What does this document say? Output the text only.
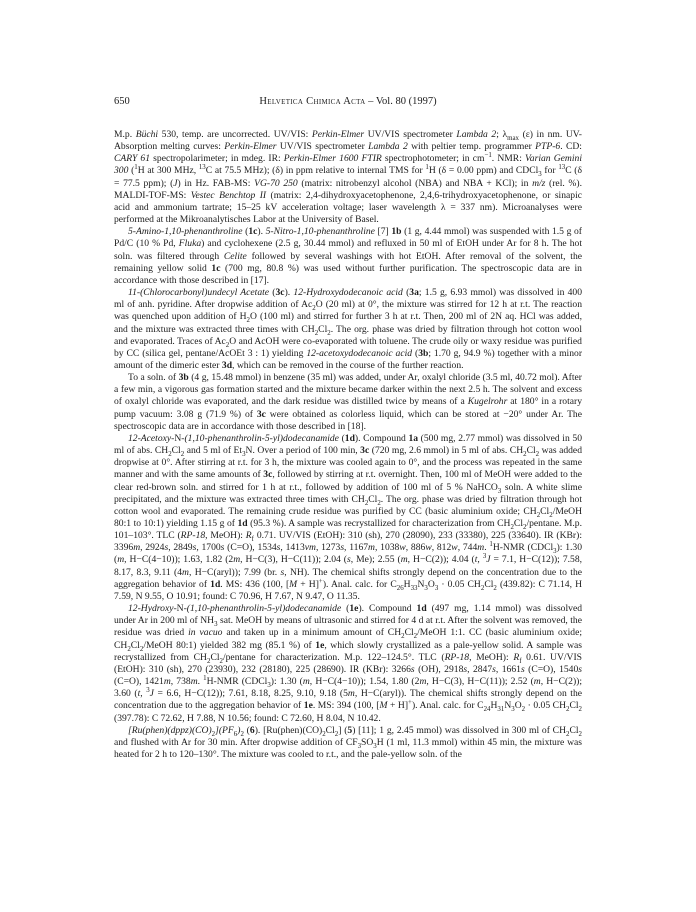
650	Helvetica Chimica Acta – Vol. 80 (1997)

M.p. Büchi 530, temp. are uncorrected. UV/VIS: Perkin-Elmer UV/VIS spectrometer Lambda 2; $\lambda_{max}$ (ε) in nm. UV-Absorption melting curves: Perkin-Elmer UV/VIS spectrometer Lambda 2 with peltier temp. programmer PTP-6. CD: CARY 61 spectropolarimeter; in mdeg. IR: Perkin-Elmer 1600 FTIR spectrophotometer; in $cm^{-1}$. NMR: Varian Gemini 300 ($^1$H at 300 MHz, $^{13}$C at 75.5 MHz); (δ) in ppm relative to internal TMS for $^1$H (δ = 0.00 ppm) and CDCl$_3$ for $^{13}$C (δ = 77.5 ppm); (J) in Hz. FAB-MS: VG-70 250 (matrix: nitrobenzyl alcohol (NBA) and NBA + KCl); in m/z (rel. %). MALDI-TOF-MS: Vestec Benchtop II (matrix: 2,4-dihydroxyacetophenone, 2,4,6-trihydroxyacetophenone, or sinapic acid and ammonium tartrate; 15–25 kV acceleration voltage; laser wavelength λ = 337 nm). Microanalyses were performed at the Mikroanalytisches Labor at the University of Basel.

5-Amino-1,10-phenanthroline (1c). 5-Nitro-1,10-phenanthroline [7] 1b (1 g, 4.44 mmol) was suspended with 1.5 g of Pd/C (10 % Pd, Fluka) and cyclohexene (2.5 g, 30.44 mmol) and refluxed in 50 ml of EtOH under Ar for 8 h. The hot soln. was filtered through Celite followed by several washings with hot EtOH. After removal of the solvent, the remaining yellow solid 1c (700 mg, 80.8 %) was used without further purification. The spectroscopic data are in accordance with those described in [17].

11-(Chlorocarbonyl)undecyl Acetate (3c). 12-Hydroxydodecanoic acid (3a; 1.5 g, 6.93 mmol) was dissolved in 400 ml of anh. pyridine. After dropwise addition of $Ac_2O$ (20 ml) at 0°, the mixture was stirred for 12 h at r.t. The reaction was quenched upon addition of $H_2O$ (100 ml) and stirred for further 3 h at r.t. Then, 200 ml of 2N aq. HCl was added, and the mixture was extracted three times with $CH_2Cl_2$. The org. phase was dried by filtration through hot cotton wool and evaporated. Traces of $Ac_2O$ and AcOH were co-evaporated with toluene. The crude oily or waxy residue was purified by CC (silica gel, pentane/AcOEt 3 : 1) yielding 12-acetoxydodecanoic acid (3b; 1.70 g, 94.9 %) together with a minor amount of the dimeric ester 3d, which can be removed in the course of the further reaction.

To a soln. of 3b (4 g, 15.48 mmol) in benzene (35 ml) was added, under Ar, oxalyl chloride (3.5 ml, 40.72 mol). After a few min, a vigorous gas formation started and the mixture became darker within the next 2.5 h. The solvent and excess of oxalyl chloride was evaporated, and the dark residue was distilled twice by means of a Kugelrohr at 180° in a rotary pump vacuum: 3.08 g (71.9 %) of 3c were obtained as colorless liquid, which can be stored at −20° under Ar. The spectroscopic data are in accordance with those described in [18].

12-Acetoxy-N-(1,10-phenanthrolin-5-yl)dodecanamide (1d). Compound 1a (500 mg, 2.77 mmol) was dissolved in 50 ml of abs. $CH_2Cl_2$ and 5 ml of $Et_3N$. Over a period of 100 min, 3c (720 mg, 2.6 mmol) in 5 ml of abs. $CH_2Cl_2$ was added dropwise at 0°. After stirring at r.t. for 3 h, the mixture was cooled again to 0°, and the process was repeated in the same manner and with the same amounts of 3c, followed by stirring at r.t. overnight. Then, 100 ml of MeOH were added to the clear red-brown soln. and stirred for 1 h at r.t., followed by addition of 100 ml of 5 % NaHCO$_3$ soln. A white slime precipitated, and the mixture was extracted three times with $CH_2Cl_2$. The org. phase was dried by filtration through hot cotton wool and evaporated. The remaining crude residue was purified by CC (basic aluminium oxide; $CH_2Cl_2$/MeOH 80:1 to 10:1) yielding 1.15 g of 1d (95.3 %). A sample was recrystallized for characterization from $CH_2Cl_2$/pentane. M.p. 101–103°. TLC (RP-18, MeOH): $R_f$ 0.71. UV/VIS (EtOH): 310 (sh), 270 (28090), 233 (33380), 225 (33640). IR (KBr): 3396m, 2924s, 2849s, 1700s (C=O), 1534s, 1413vm, 1273s, 1167m, 1038w, 886w, 812w, 744m. $^1$H-NMR (CDCl$_3$): 1.30 (m, H−C(4−10)); 1.63, 1.82 (2m, H−C(3), H−C(11)); 2.04 (s, Me); 2.55 (m, H−C(2)); 4.04 (t, $^3$J = 7.1, H−C(12)); 7.58, 8.17, 8.3, 9.11 (4m, H−C(aryl)); 7.99 (br. s, NH). The chemical shifts strongly depend on the concentration due to the aggregation behavior of 1d. MS: 436 (100, [M + H]+). Anal. calc. for $C_{26}H_{33}N_3O_3 \cdot 0.05$ $CH_2Cl_2$ (439.82): C 71.14, H 7.59, N 9.55, O 10.91; found: C 70.96, H 7.67, N 9.47, O 11.35.

12-Hydroxy-N-(1,10-phenanthrolin-5-yl)dodecanamide (1e). Compound 1d (497 mg, 1.14 mmol) was dissolved under Ar in 200 ml of $NH_3$ sat. MeOH by means of ultrasonic and stirred for 4 d at r.t. After the solvent was removed, the residue was dried in vacuo and taken up in a minimum amount of $CH_2Cl_2$/MeOH 1:1. CC (basic aluminium oxide; $CH_2Cl_2$/MeOH 80:1) yielded 382 mg (85.1 %) of 1e, which slowly crystallized as a pale-yellow solid. A sample was recrystallized from $CH_2Cl_2$/pentane for characterization. M.p. 122–124.5°. TLC (RP-18, MeOH): $R_f$ 0.61. UV/VIS (EtOH): 310 (sh), 270 (23930), 232 (28180), 225 (28690). IR (KBr): 3266s (OH), 2918s, 2847s, 1661s (C=O), 1540s (C=O), 1421m, 738m. $^1$H-NMR (CDCl$_3$): 1.30 (m, H−C(4−10)); 1.54, 1.80 (2m, H−C(3), H−C(11)); 2.52 (m, H−C(2)); 3.60 (t, $^3$J = 6.6, H−C(12)); 7.61, 8.18, 8.25, 9.10, 9.18 (5m, H−C(aryl)). The chemical shifts strongly depend on the concentration due to the aggregation behavior of 1e. MS: 394 (100, [M + H]+). Anal. calc. for $C_{24}H_{31}N_3O_2 \cdot 0.05$ $CH_2Cl_2$ (397.78): C 72.62, H 7.88, N 10.56; found: C 72.60, H 8.04, N 10.42.

$[Ru(phen)(dppz)(CO)_2](PF_6)_2$ (6). $[Ru(phen)(CO)_2Cl_2]$ (5) [11]; 1 g, 2.45 mmol) was dissolved in 300 ml of $CH_2Cl_2$ and flushed with Ar for 30 min. After dropwise addition of $CF_3SO_3H$ (1 ml, 11.3 mmol) within 45 min, the mixture was heated for 2 h to 120–130°. The mixture was cooled to r.t., and the pale-yellow soln. of the
